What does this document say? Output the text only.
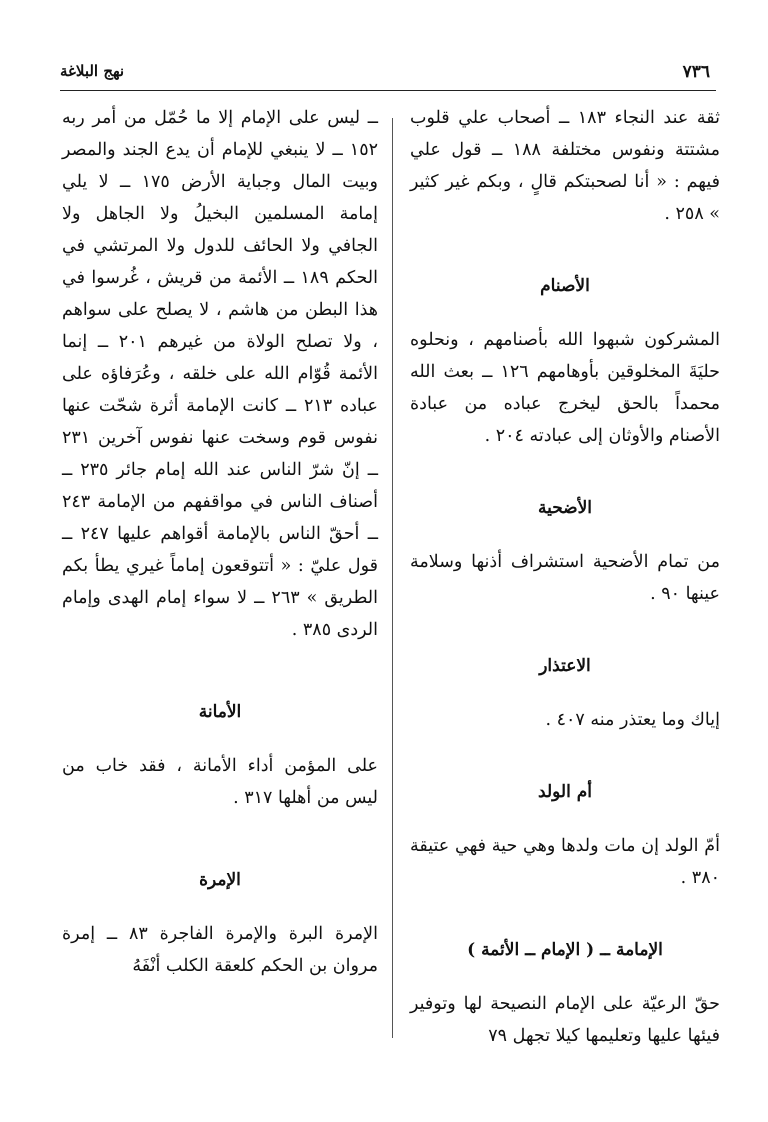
٧٣٦
نهج البلاغة

ثقة عند النجاء ١٨٣ ــ أصحاب علي قلوب مشتتة ونفوس مختلفة ١٨٨ ــ قول علي فيهم : « أنا لصحبتكم قالٍ ، وبكم غير كثير » ٢٥٨ .

الأصنام

المشركون شبهوا الله بأصنامهم ، ونحلوه حليَةَ المخلوقين بأوهامهم ١٢٦ ــ بعث الله محمداً بالحق ليخرج عباده من عبادة الأصنام والأوثان إلى عبادته ٢٠٤ .

الأضحية

من تمام الأضحية استشراف أذنها وسلامة عينها ٩٠ .

الاعتذار

إياك وما يعتذر منه ٤٠٧ .

أم الولد

أمّ الولد إن مات ولدها وهي حية فهي عتيقة ٣٨٠ .

الإمامة ــ ( الإمام ــ الأئمة )

حقّ الرعيّة على الإمام النصيحة لها وتوفير فيئها عليها وتعليمها كيلا تجهل ٧٩

ــ ليس على الإمام إلا ما حُمّل من أمر ربه ١٥٢ ــ لا ينبغي للإمام أن يدع الجند والمصر وبيت المال وجباية الأرض ١٧٥ ــ لا يلي إمامة المسلمين البخيلُ ولا الجاهل ولا الجافي ولا الحائف للدول ولا المرتشي في الحكم ١٨٩ ــ الأئمة من قريش ، غُرسوا في هذا البطن من هاشم ، لا يصلح على سواهم ، ولا تصلح الولاة من غيرهم ٢٠١ ــ إنما الأئمة قُوّام الله على خلقه ، وعُرَفاؤه على عباده ٢١٣ ــ كانت الإمامة أثرة شحّت عنها نفوس قوم وسخت عنها نفوس آخرين ٢٣١ ــ إنّ شرّ الناس عند الله إمام جائر ٢٣٥ ــ أصناف الناس في مواقفهم من الإمامة ٢٤٣ ــ أحقّ الناس بالإمامة أقواهم عليها ٢٤٧ ــ قول عليّ : « أتتوقعون إماماً غيري يطأ بكم الطريق » ٢٦٣ ــ لا سواء إمام الهدى وإمام الردى ٣٨٥ .

الأمانة

على المؤمن أداء الأمانة ، فقد خاب من ليس من أهلها ٣١٧ .

الإمرة

الإمرة البرة والإمرة الفاجرة ٨٣ ــ إمرة مروان بن الحكم كلعقة الكلب أنْفَهُ
